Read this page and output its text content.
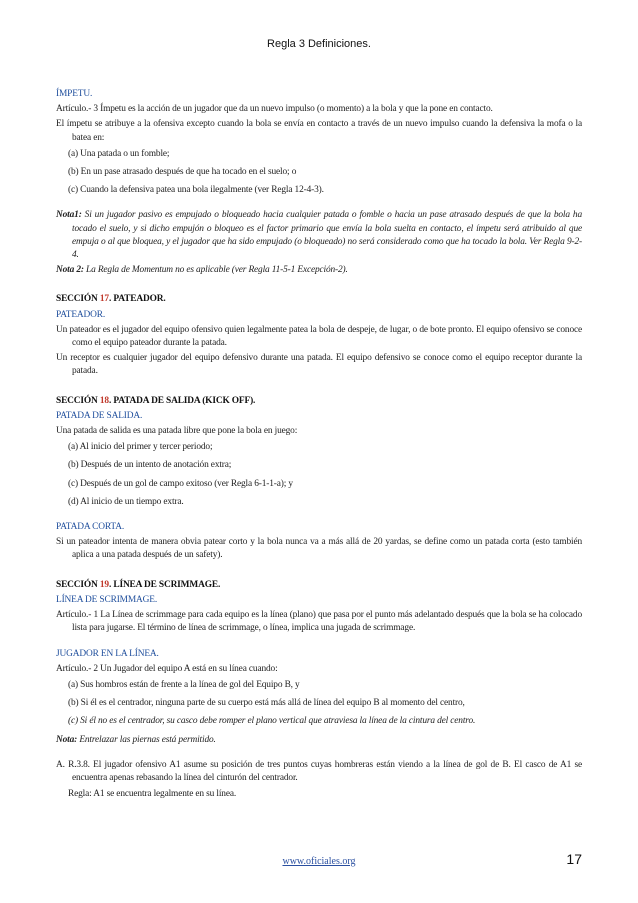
Regla 3 Definiciones.

ÍMPETU.

Artículo.- 3 Ímpetu es la acción de un jugador que da un nuevo impulso (o momento) a la bola y que la pone en contacto.

El ímpetu se atribuye a la ofensiva excepto cuando la bola se envía en contacto a través de un nuevo impulso cuando la defensiva la mofa o la batea en:

(a) Una patada o un fomble;

(b) En un pase atrasado después de que ha tocado en el suelo; o

(c) Cuando la defensiva patea una bola ilegalmente (ver Regla 12-4-3).

Nota1: Si un jugador pasivo es empujado o bloqueado hacia cualquier patada o fomble o hacia un pase atrasado después de que la bola ha tocado el suelo, y si dicho empujón o bloqueo es el factor primario que envía la bola suelta en contacto, el ímpetu será atribuido al que empuja o al que bloquea, y el jugador que ha sido empujado (o bloqueado) no será considerado como que ha tocado la bola. Ver Regla 9-2-4.

Nota 2: La Regla de Momentum no es aplicable (ver Regla 11-5-1 Excepción-2).

SECCIÓN 17. PATEADOR.

PATEADOR.

Un pateador es el jugador del equipo ofensivo quien legalmente patea la bola de despeje, de lugar, o de bote pronto. El equipo ofensivo se conoce como el equipo pateador durante la patada.

Un receptor es cualquier jugador del equipo defensivo durante una patada. El equipo defensivo se conoce como el equipo receptor durante la patada.

SECCIÓN 18. PATADA DE SALIDA (KICK OFF).

PATADA DE SALIDA.

Una patada de salida es una patada libre que pone la bola en juego:

(a) Al inicio del primer y tercer periodo;

(b) Después de un intento de anotación extra;

(c) Después de un gol de campo exitoso (ver Regla 6-1-1-a); y

(d) Al inicio de un tiempo extra.

PATADA CORTA.

Si un pateador intenta de manera obvia patear corto y la bola nunca va a más allá de 20 yardas, se define como un patada corta (esto también aplica a una patada después de un safety).

SECCIÓN 19. LÍNEA DE SCRIMMAGE.

LÍNEA DE SCRIMMAGE.

Artículo.- 1 La Línea de scrimmage para cada equipo es la línea (plano) que pasa por el punto más adelantado después que la bola se ha colocado lista para jugarse. El término de línea de scrimmage, o línea, implica una jugada de scrimmage.

JUGADOR EN LA LÍNEA.

Artículo.- 2 Un Jugador del equipo A está en su línea cuando:

(a) Sus hombros están de frente a la línea de gol del Equipo B, y

(b) Si él es el centrador, ninguna parte de su cuerpo está más allá de línea del equipo B al momento del centro,

(c) Si él no es el centrador, su casco debe romper el plano vertical que atraviesa la línea de la cintura del centro.

Nota: Entrelazar las piernas está permitido.

A. R.3.8. El jugador ofensivo A1 asume su posición de tres puntos cuyas hombreras están viendo a la línea de gol de B. El casco de A1 se encuentra apenas rebasando la línea del cinturón del centrador.

Regla: A1 se encuentra legalmente en su línea.

www.oficiales.org	17
